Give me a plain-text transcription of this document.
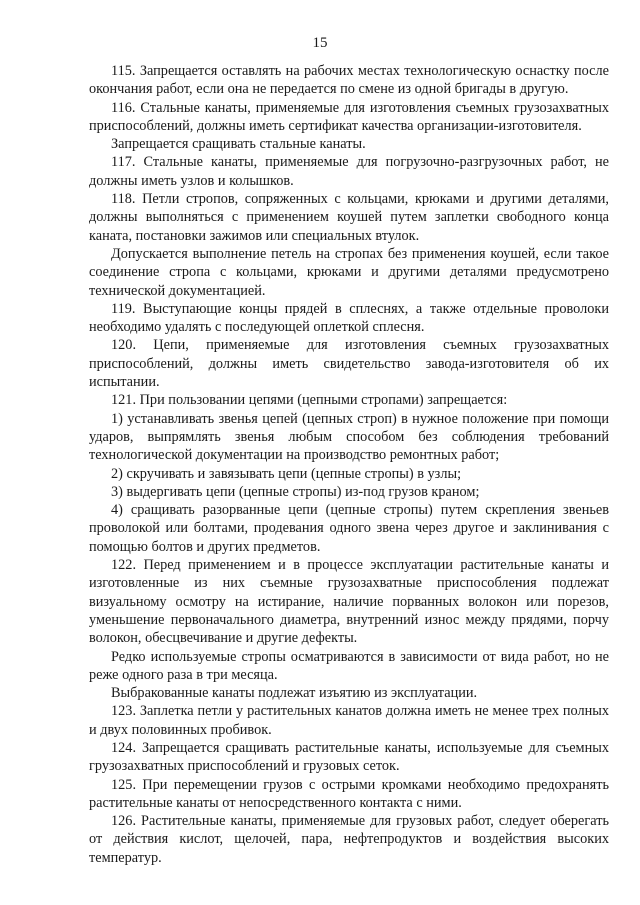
15

115. Запрещается оставлять на рабочих местах технологическую оснастку после окончания работ, если она не передается по смене из одной бригады в другую.

116. Стальные канаты, применяемые для изготовления съемных грузозахватных приспособлений, должны иметь сертификат качества организации-изготовителя.

Запрещается сращивать стальные канаты.

117. Стальные канаты, применяемые для погрузочно-разгрузочных работ, не должны иметь узлов и колышков.

118. Петли стропов, сопряженных с кольцами, крюками и другими деталями, должны выполняться с применением коушей путем заплетки свободного конца каната, постановки зажимов или специальных втулок.

Допускается выполнение петель на стропах без применения коушей, если такое соединение стропа с кольцами, крюками и другими деталями предусмотрено технической документацией.

119. Выступающие концы прядей в сплеснях, а также отдельные проволоки необходимо удалять с последующей оплеткой сплесня.

120. Цепи, применяемые для изготовления съемных грузозахватных приспособлений, должны иметь свидетельство завода-изготовителя об их испытании.

121. При пользовании цепями (цепными стропами) запрещается:

1) устанавливать звенья цепей (цепных строп) в нужное положение при помощи ударов, выпрямлять звенья любым способом без соблюдения требований технологической документации на производство ремонтных работ;

2) скручивать и завязывать цепи (цепные стропы) в узлы;

3) выдергивать цепи (цепные стропы) из-под грузов краном;

4) сращивать разорванные цепи (цепные стропы) путем скрепления звеньев проволокой или болтами, продевания одного звена через другое и заклинивания с помощью болтов и других предметов.

122. Перед применением и в процессе эксплуатации растительные канаты и изготовленные из них съемные грузозахватные приспособления подлежат визуальному осмотру на истирание, наличие порванных волокон или порезов, уменьшение первоначального диаметра, внутренний износ между прядями, порчу волокон, обесцвечивание и другие дефекты.

Редко используемые стропы осматриваются в зависимости от вида работ, но не реже одного раза в три месяца.

Выбракованные канаты подлежат изъятию из эксплуатации.

123. Заплетка петли у растительных канатов должна иметь не менее трех полных и двух половинных пробивок.

124. Запрещается сращивать растительные канаты, используемые для съемных грузозахватных приспособлений и грузовых сеток.

125. При перемещении грузов с острыми кромками необходимо предохранять растительные канаты от непосредственного контакта с ними.

126. Растительные канаты, применяемые для грузовых работ, следует оберегать от действия кислот, щелочей, пара, нефтепродуктов и воздействия высоких температур.
